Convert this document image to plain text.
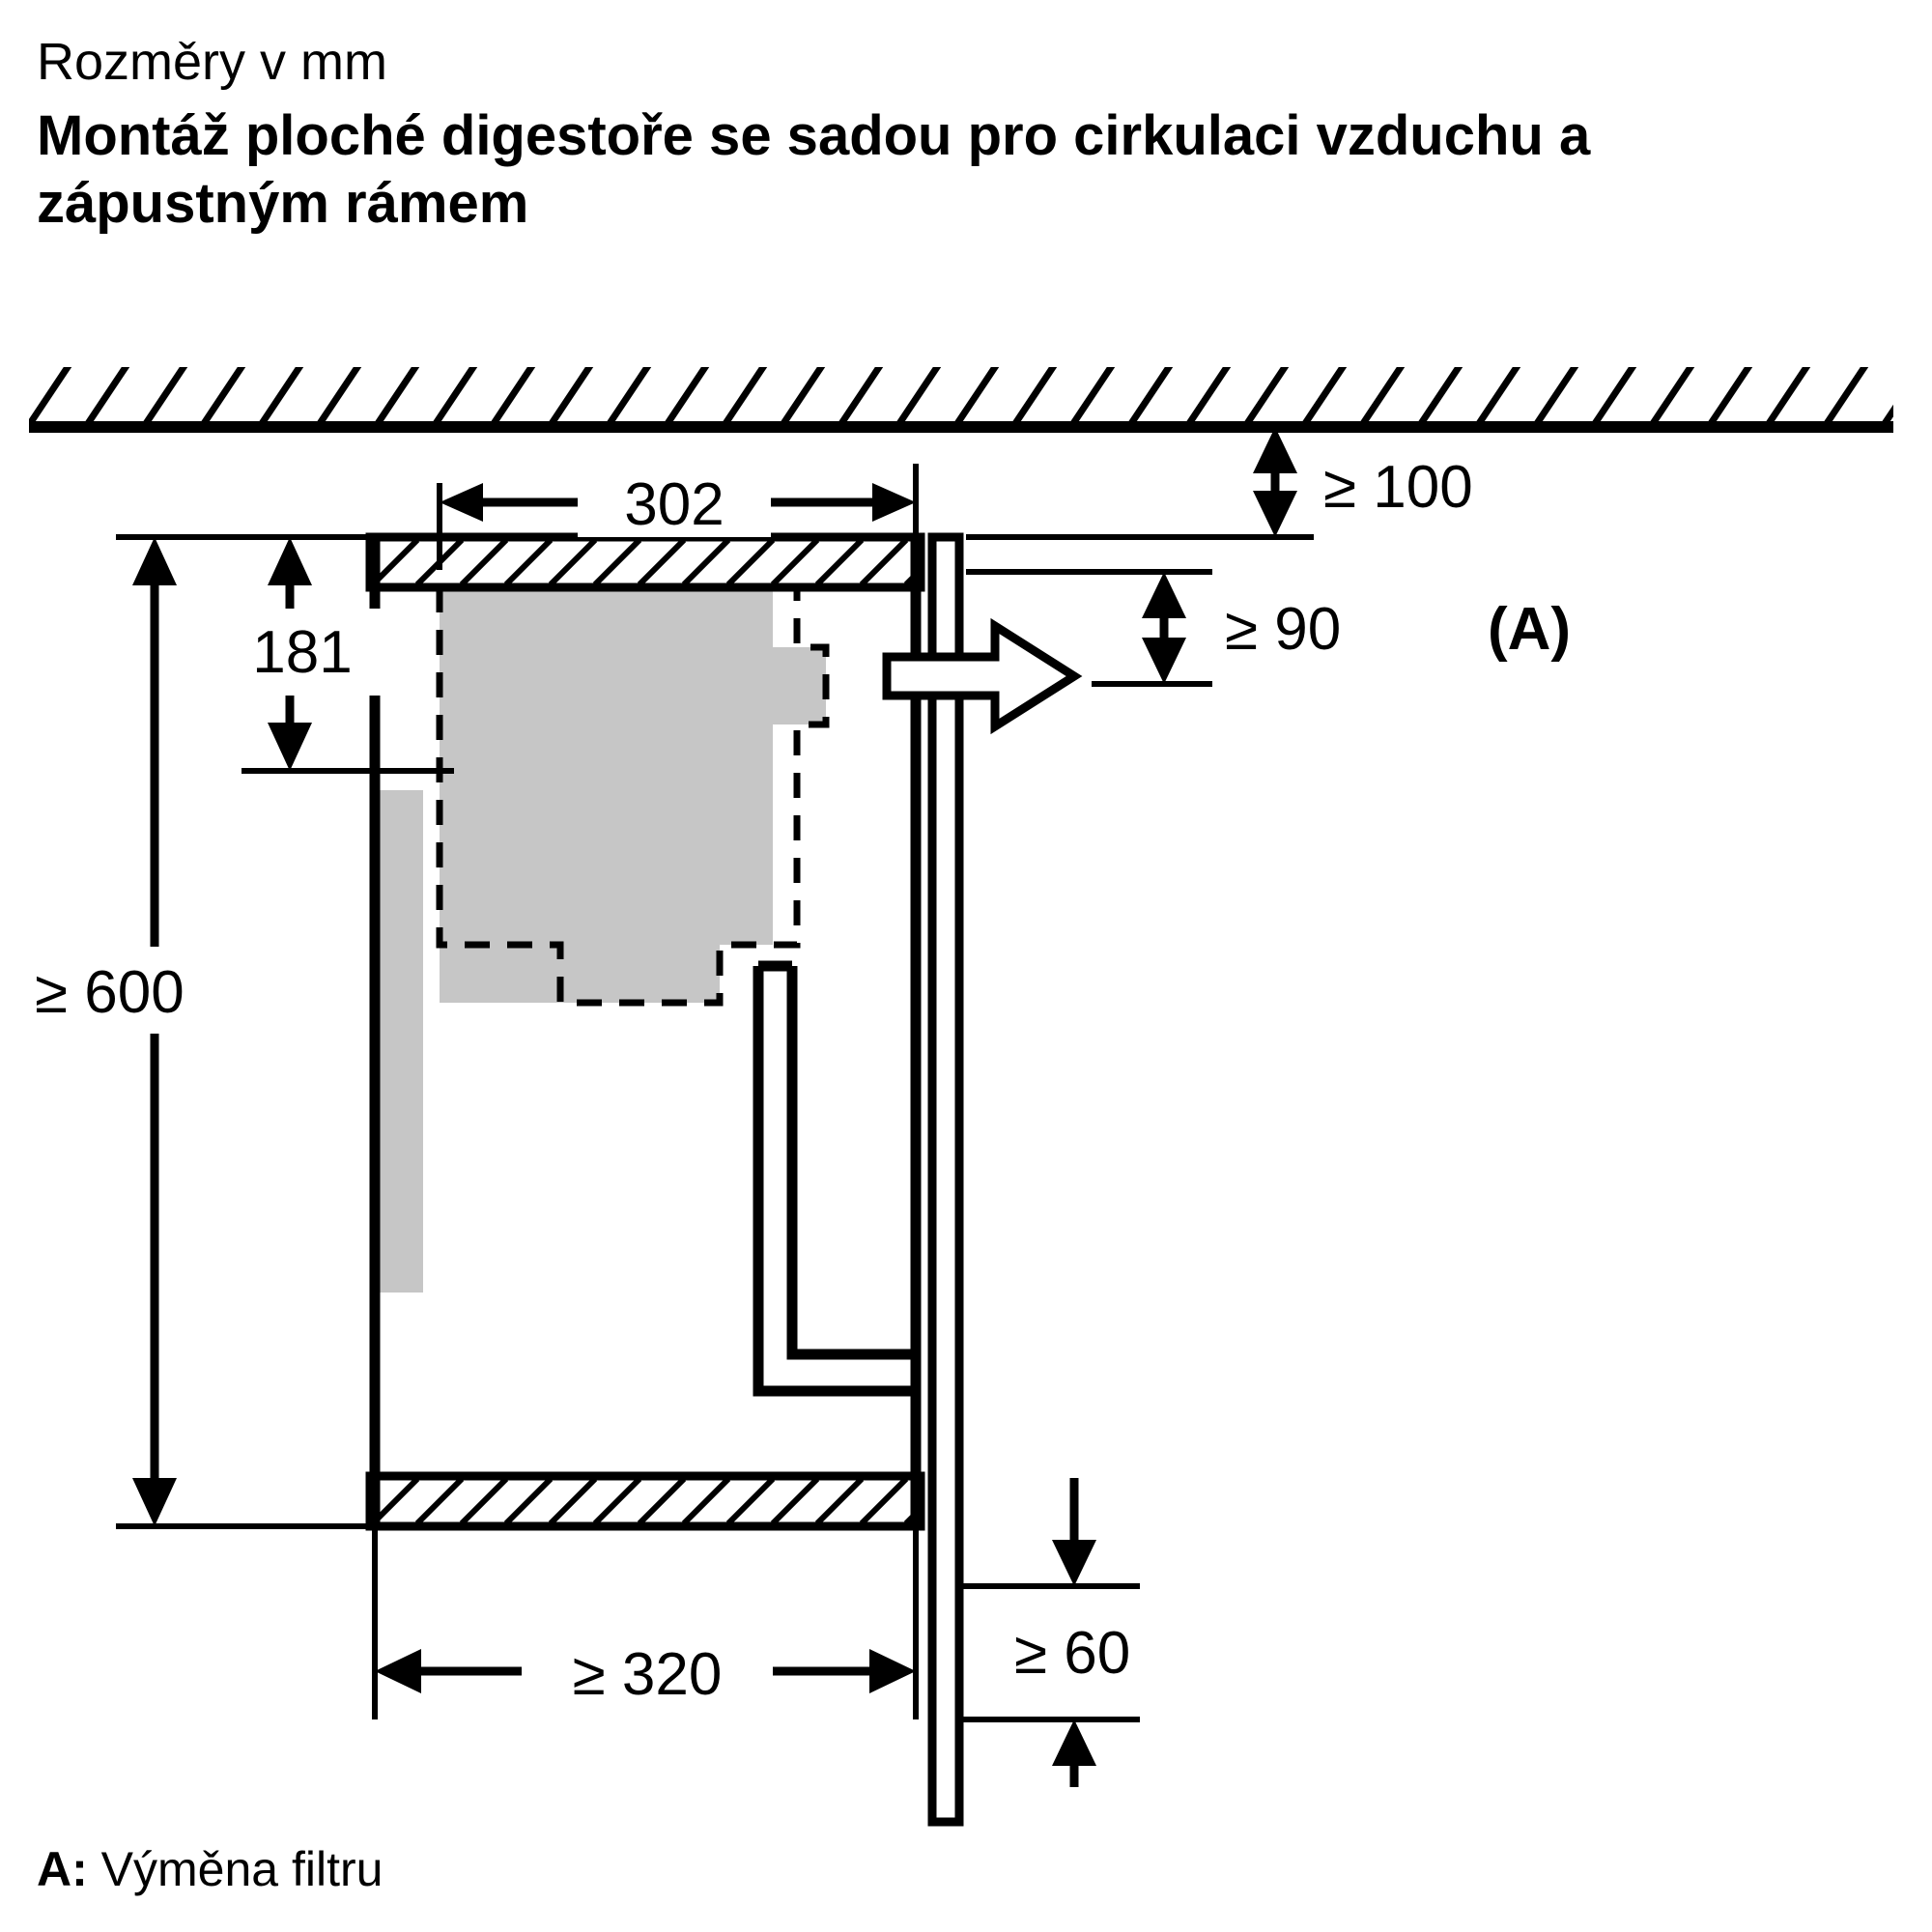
Rozměry v mm
Montáž ploché digestoře se sadou pro cirkulaci vzduchu a zápustným rámem
302	≥ 100
≥ 90 (A)
181
≥ 600
≥ 320	≥ 60
A: Výměna filtru
